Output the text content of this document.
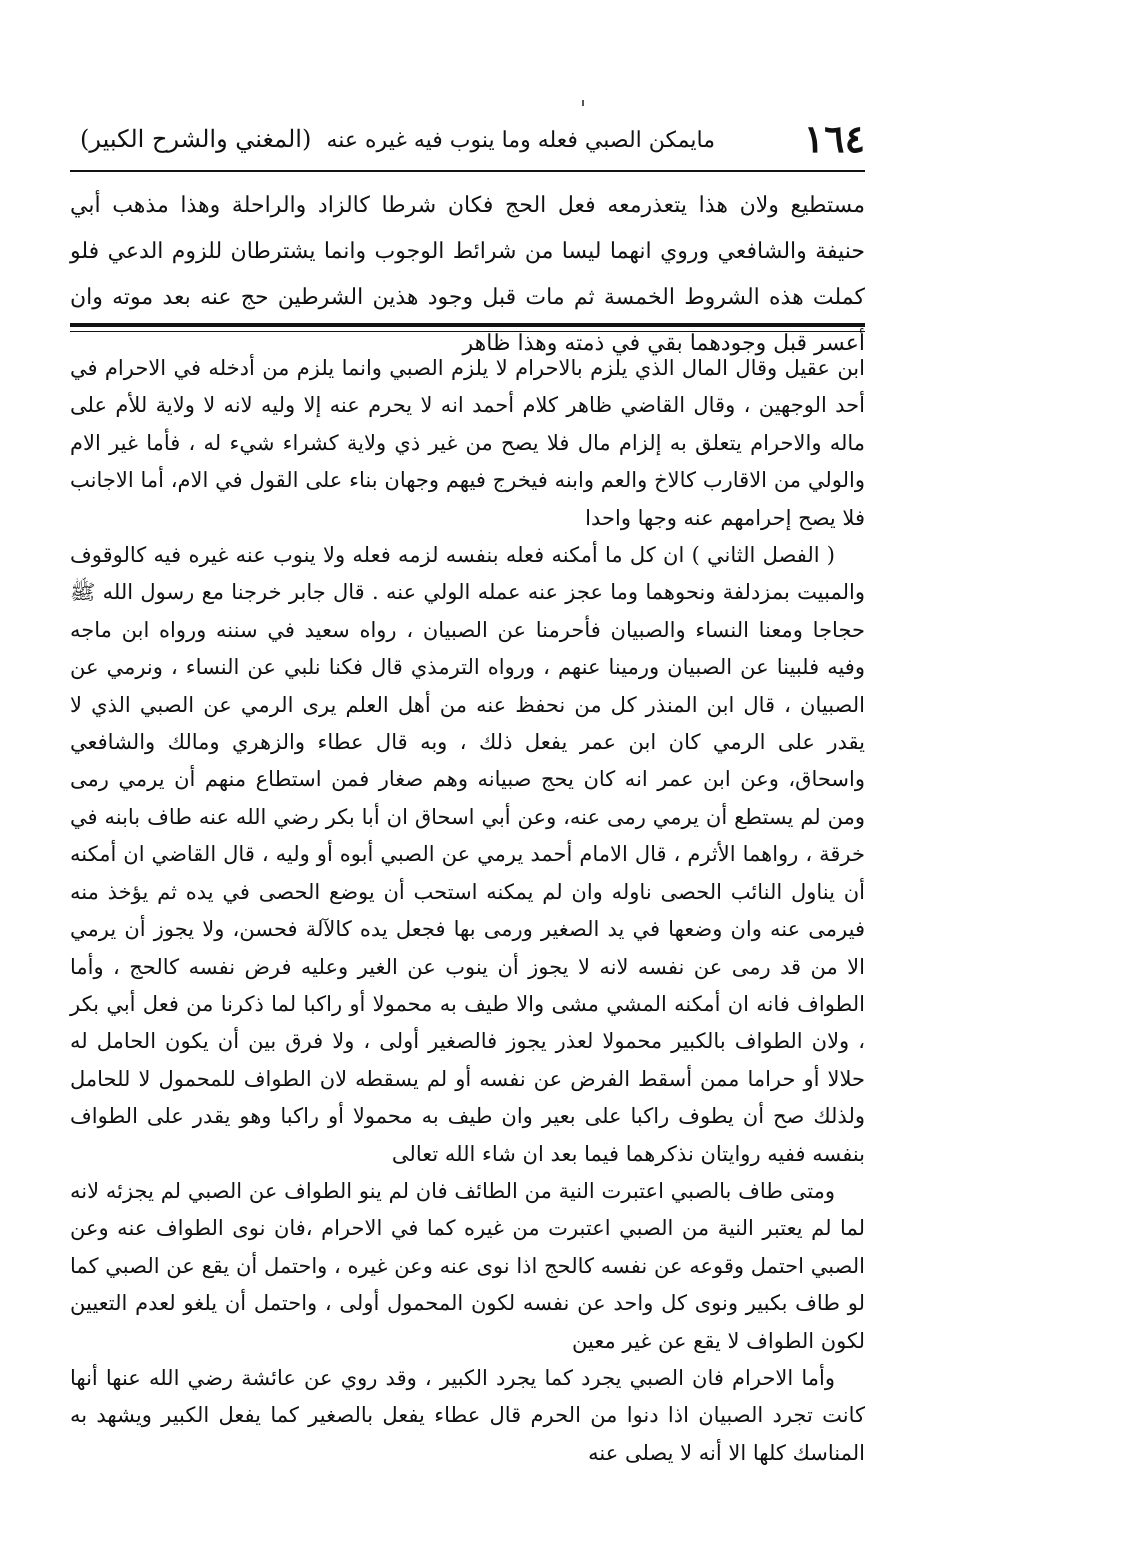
١٦٤
مايمكن الصبي فعله وما ينوب فيه غيره عنه
(المغني والشرح الكبير)

مستطيع ولان هذا يتعذرمعه فعل الحج فكان شرطا كالزاد والراحلة وهذا مذهب أبي حنيفة والشافعي وروي انهما ليسا من شرائط الوجوب وانما يشترطان للزوم الدعي فلو كملت هذه الشروط الخمسة ثم مات قبل وجود هذين الشرطين حج عنه بعد موته وان أعسر قبل وجودهما بقي في ذمته وهذا ظاهر

ابن عقيل وقال المال الذي يلزم بالاحرام لا يلزم الصبي وانما يلزم من أدخله في الاحرام في أحد الوجهين ، وقال القاضي ظاهر كلام أحمد انه لا يحرم عنه إلا وليه لانه لا ولاية للأم على ماله والاحرام يتعلق به إلزام مال فلا يصح من غير ذي ولاية كشراء شيء له ، فأما غير الام والولي من الاقارب كالاخ والعم وابنه فيخرج فيهم وجهان بناء على القول في الام، أما الاجانب فلا يصح إحرامهم عنه وجها واحدا

( الفصل الثاني ) ان كل ما أمكنه فعله بنفسه لزمه فعله ولا ينوب عنه غيره فيه كالوقوف والمبيت بمزدلفة ونحوهما وما عجز عنه عمله الولي عنه . قال جابر خرجنا مع رسول الله ﷺ حجاجا ومعنا النساء والصبيان فأحرمنا عن الصبيان ، رواه سعيد في سننه ورواه ابن ماجه وفيه فلبينا عن الصبيان ورمينا عنهم ، ورواه الترمذي قال فكنا نلبي عن النساء ، ونرمي عن الصبيان ، قال ابن المنذر كل من نحفظ عنه من أهل العلم يرى الرمي عن الصبي الذي لا يقدر على الرمي كان ابن عمر يفعل ذلك ، وبه قال عطاء والزهري ومالك والشافعي واسحاق، وعن ابن عمر انه كان يحج صبيانه وهم صغار فمن استطاع منهم أن يرمي رمى ومن لم يستطع أن يرمي رمى عنه، وعن أبي اسحاق ان أبا بكر رضي الله عنه طاف بابنه في خرقة ، رواهما الأثرم ، قال الامام أحمد يرمي عن الصبي أبوه أو وليه ، قال القاضي ان أمكنه أن يناول النائب الحصى ناوله وان لم يمكنه استحب أن يوضع الحصى في يده ثم يؤخذ منه فيرمى عنه وان وضعها في يد الصغير ورمى بها فجعل يده كالآلة فحسن، ولا يجوز أن يرمي الا من قد رمى عن نفسه لانه لا يجوز أن ينوب عن الغير وعليه فرض نفسه كالحج ، وأما الطواف فانه ان أمكنه المشي مشى والا طيف به محمولا أو راكبا لما ذكرنا من فعل أبي بكر ، ولان الطواف بالكبير محمولا لعذر يجوز فالصغير أولى ، ولا فرق بين أن يكون الحامل له حلالا أو حراما ممن أسقط الفرض عن نفسه أو لم يسقطه لان الطواف للمحمول لا للحامل ولذلك صح أن يطوف راكبا على بعير وان طيف به محمولا أو راكبا وهو يقدر على الطواف بنفسه ففيه روايتان نذكرهما فيما بعد ان شاء الله تعالى

ومتى طاف بالصبي اعتبرت النية من الطائف فان لم ينو الطواف عن الصبي لم يجزئه لانه لما لم يعتبر النية من الصبي اعتبرت من غيره كما في الاحرام ،فان نوى الطواف عنه وعن الصبي احتمل وقوعه عن نفسه كالحج اذا نوى عنه وعن غيره ، واحتمل أن يقع عن الصبي كما لو طاف بكبير ونوى كل واحد عن نفسه لكون المحمول أولى ، واحتمل أن يلغو لعدم التعيين لكون الطواف لا يقع عن غير معين

وأما الاحرام فان الصبي يجرد كما يجرد الكبير ، وقد روي عن عائشة رضي الله عنها أنها كانت تجرد الصبيان اذا دنوا من الحرم قال عطاء يفعل بالصغير كما يفعل الكبير ويشهد به المناسك كلها الا أنه لا يصلى عنه
